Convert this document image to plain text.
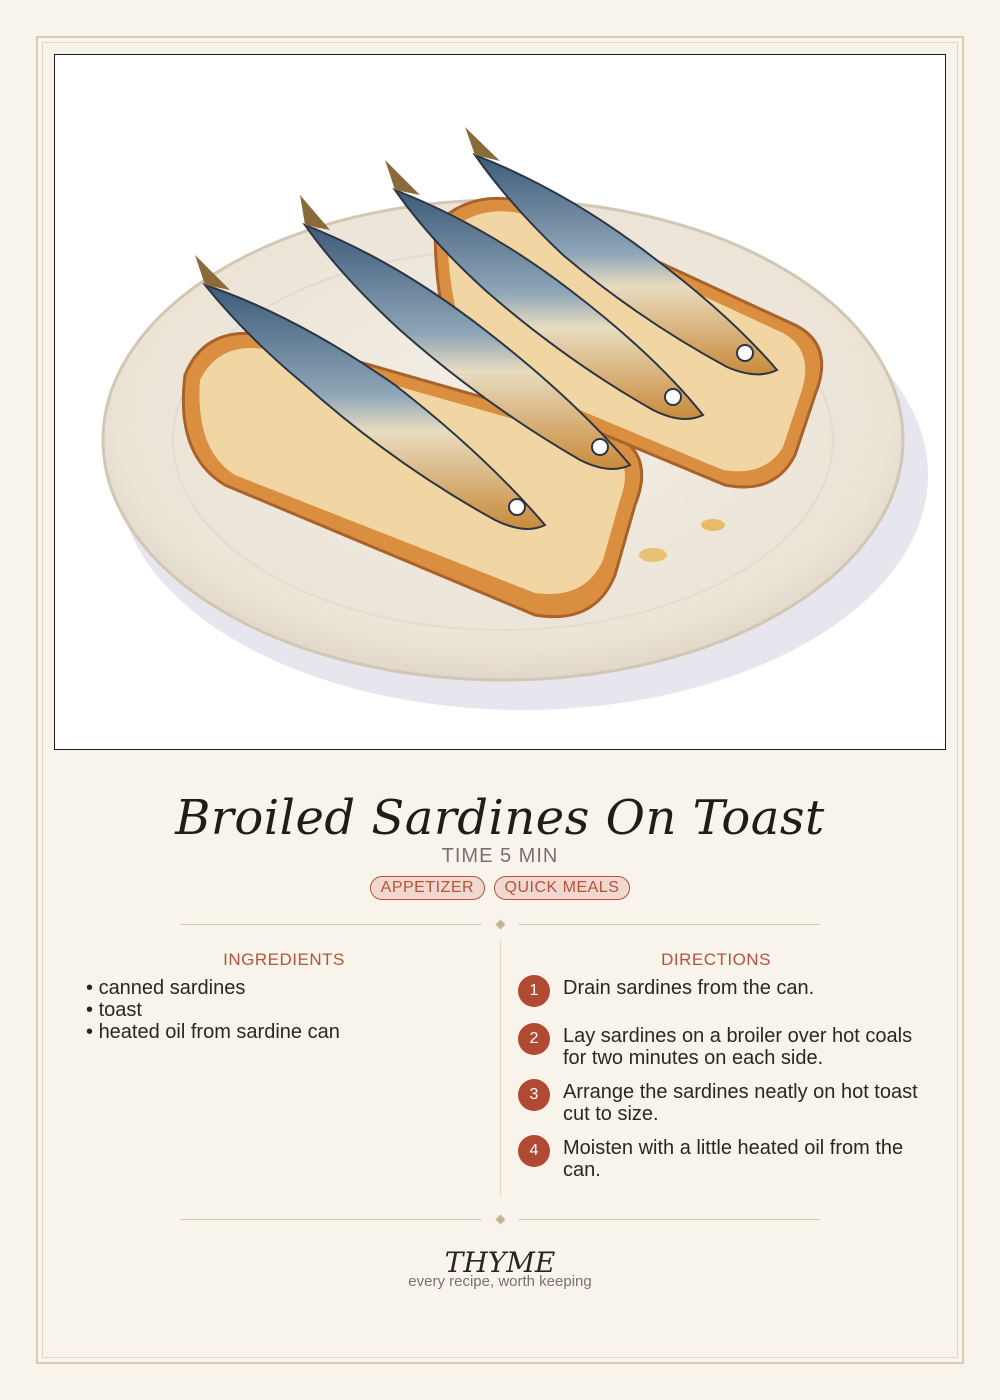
Broiled Sardines On Toast
TIME 5 MIN
APPETIZER QUICK MEALS
INGREDIENTS
• canned sardines
• toast
• heated oil from sardine can
DIRECTIONS
1	Drain sardines from the can.
2	Lay sardines on a broiler over hot coals for two minutes on each side.
3	Arrange the sardines neatly on hot toast cut to size.
4	Moisten with a little heated oil from the can.
THYME
every recipe, worth keeping
